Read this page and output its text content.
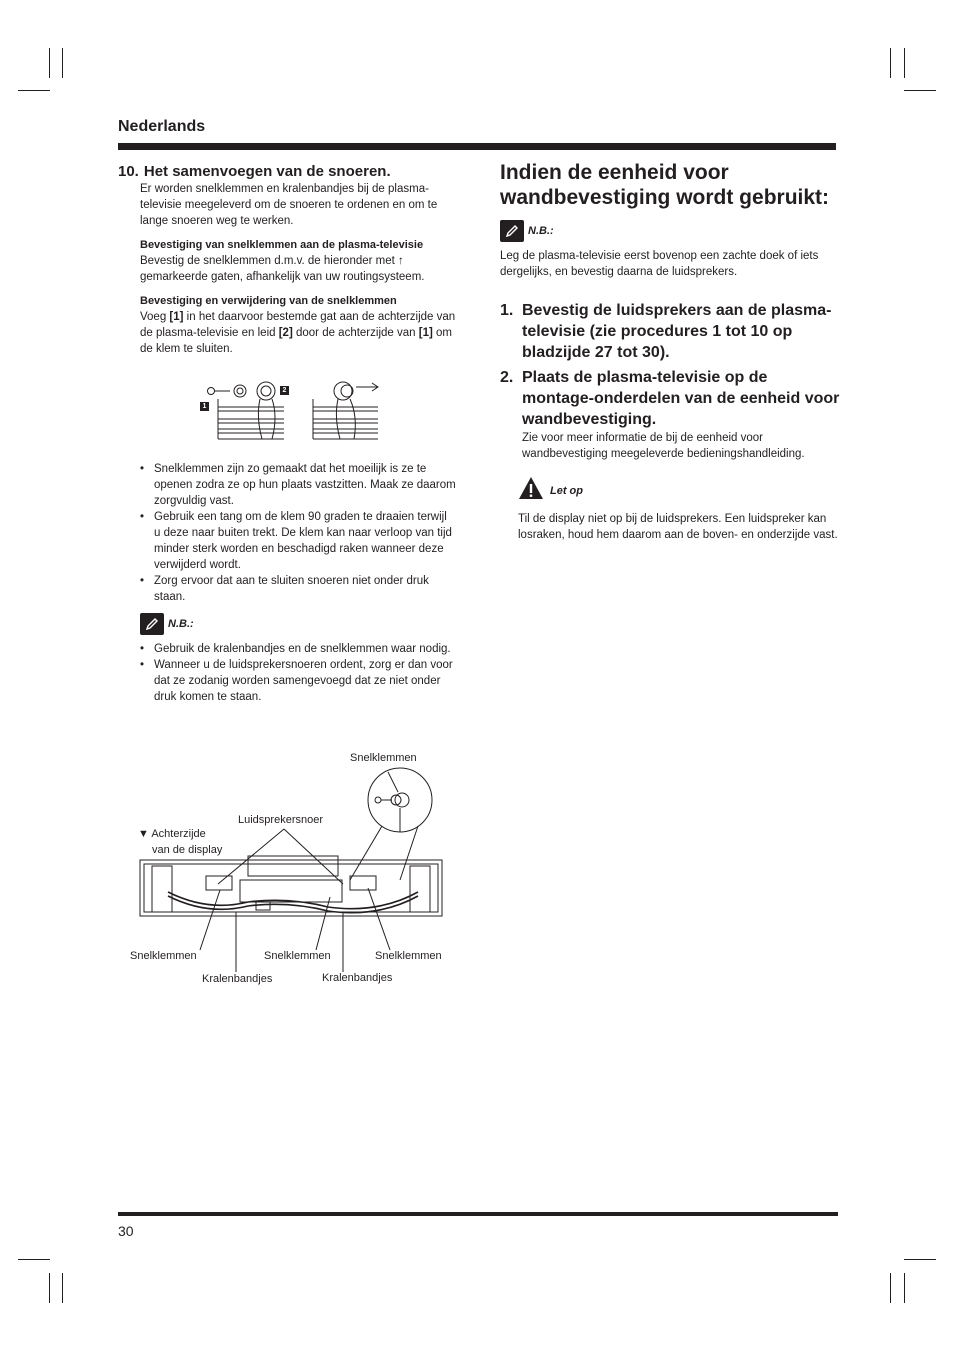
Nederlands
10. Het samenvoegen van de snoeren.
Er worden snelklemmen en kralenbandjes bij de plasma-televisie meegeleverd om de snoeren te ordenen en om te lange snoeren weg te werken.
Bevestiging van snelklemmen aan de plasma-televisie
Bevestig de snelklemmen d.m.v. de hieronder met ↑ gemarkeerde gaten, afhankelijk van uw routingsysteem.
Bevestiging en verwijdering van de snelklemmen
Voeg [1] in het daarvoor bestemde gat aan de achterzijde van de plasma-televisie en leid [2] door de achterzijde van [1] om de klem te sluiten.
1
2
• Snelklemmen zijn zo gemaakt dat het moeilijk is ze te openen zodra ze op hun plaats vastzitten. Maak ze daarom zorgvuldig vast.
• Gebruik een tang om de klem 90 graden te draaien terwijl u deze naar buiten trekt. De klem kan naar verloop van tijd minder sterk worden en beschadigd raken wanneer deze verwijderd wordt.
• Zorg ervoor dat aan te sluiten snoeren niet onder druk staan.
N.B.:
• Gebruik de kralenbandjes en de snelklemmen waar nodig.
• Wanneer u de luidsprekersnoeren ordent, zorg er dan voor dat ze zodanig worden samengevoegd dat ze niet onder druk komen te staan.
Snelklemmen
Luidsprekersnoer
▼ Achterzijde
van de display
Snelklemmen	Snelklemmen	Snelklemmen
Kralenbandjes	Kralenbandjes
Indien de eenheid voor wandbevestiging wordt gebruikt:
N.B.:
Leg de plasma-televisie eerst bovenop een zachte doek of iets dergelijks, en bevestig daarna de luidsprekers.
1. Bevestig de luidsprekers aan de plasma-televisie (zie procedures 1 tot 10 op bladzijde 27 tot 30).
2. Plaats de plasma-televisie op de montage-onderdelen van de eenheid voor wandbevestiging.
Zie voor meer informatie de bij de eenheid voor wandbevestiging meegeleverde bedieningshandleiding.
Let op
Til de display niet op bij de luidsprekers. Een luidspreker kan losraken, houd hem daarom aan de boven- en onderzijde vast.
30
